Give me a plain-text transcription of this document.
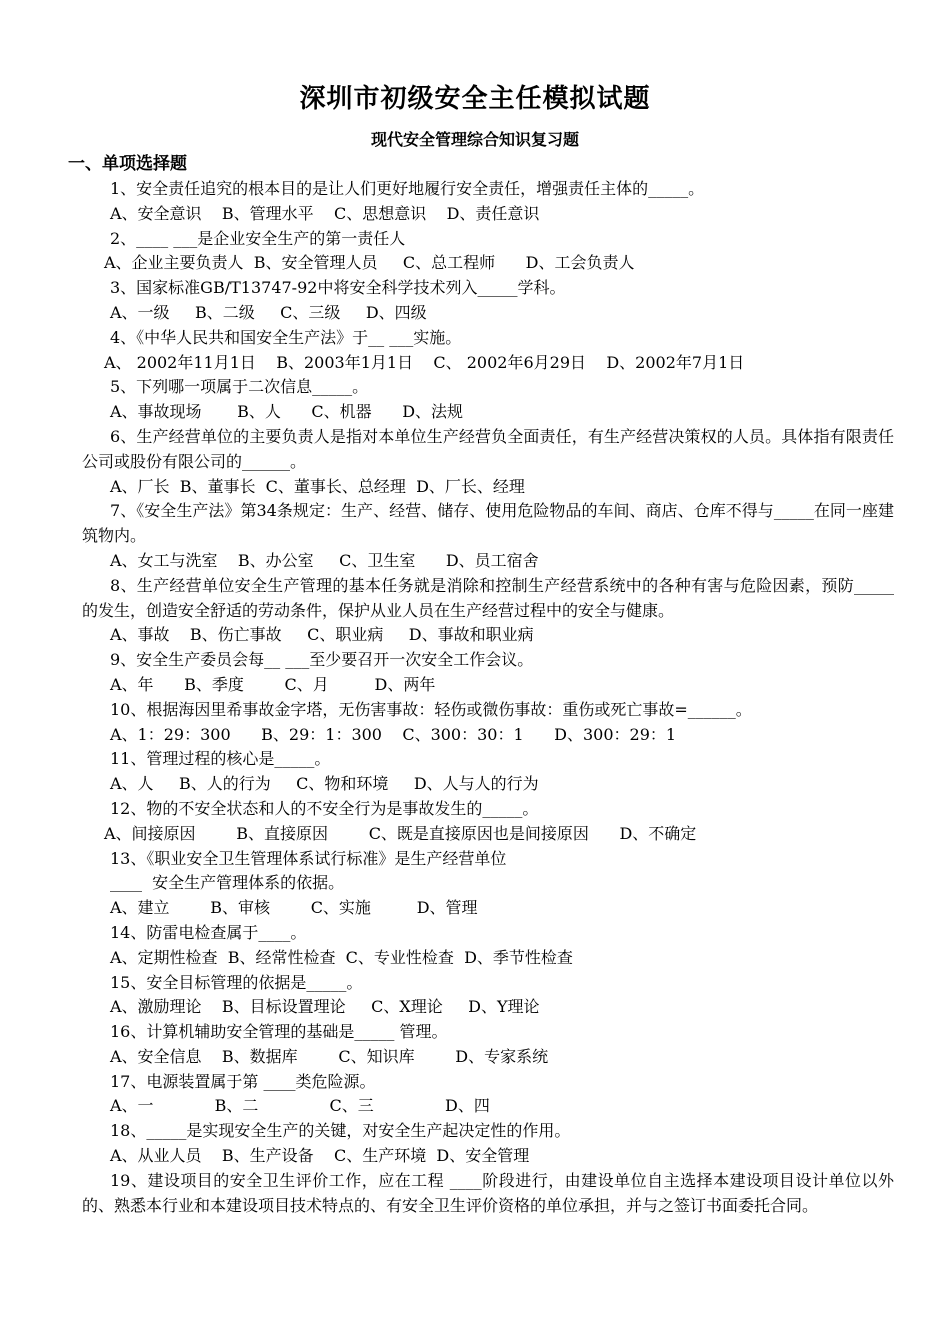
深圳市初级安全主任模拟试题
现代安全管理综合知识复习题
一、单项选择题

1、安全责任追究的根本目的是让人们更好地履行安全责任，增强责任主体的_____。

A、安全意识    B、管理水平    C、思想意识    D、责任意识

2、____ ___是企业安全生产的第一责任人

A、企业主要负责人  B、安全管理人员     C、总工程师      D、工会负责人

3、国家标准GB/T13747-92中将安全科学技术列入_____学科。

A、一级     B、二级     C、三级     D、四级

4、《中华人民共和国安全生产法》于__ ___实施。

A、 2002年11月1日    B、2003年1月1日    C、 2002年6月29日    D、2002年7月1日

5、下列哪一项属于二次信息_____。

A、事故现场       B、人      C、机器      D、法规

6、生产经营单位的主要负责人是指对本单位生产经营负全面责任，有生产经营决策权的人员。具体指有限责任公司或股份有限公司的______。

A、厂长  B、董事长  C、董事长、总经理  D、厂长、经理

7、《安全生产法》第34条规定：生产、经营、储存、使用危险物品的车间、商店、仓库不得与_____在同一座建筑物内。

A、女工与洗室    B、办公室     C、卫生室      D、员工宿舍

8、生产经营单位安全生产管理的基本任务就是消除和控制生产经营系统中的各种有害与危险因素，预防_____的发生，创造安全舒适的劳动条件，保护从业人员在生产经营过程中的安全与健康。

A、事故    B、伤亡事故     C、职业病     D、事故和职业病

9、安全生产委员会每__ ___至少要召开一次安全工作会议。

A、年      B、季度        C、月         D、两年

10、根据海因里希事故金字塔，无伤害事故：轻伤或微伤事故：重伤或死亡事故=______。

A、1：29：300      B、29：1：300    C、300：30：1      D、300：29：1

11、管理过程的核心是_____。

A、人     B、人的行为     C、物和环境     D、人与人的行为

12、物的不安全状态和人的不安全行为是事故发生的_____。

A、间接原因        B、直接原因        C、既是直接原因也是间接原因      D、不确定

13、《职业安全卫生管理体系试行标准》是生产经营单位

____  安全生产管理体系的依据。

A、建立        B、审核        C、实施         D、管理

14、防雷电检查属于____。

A、定期性检查  B、经常性检查  C、专业性检查  D、季节性检查

15、安全目标管理的依据是_____。

A、激励理论    B、目标设置理论     C、X理论     D、Y理论

16、计算机辅助安全管理的基础是_____ 管理。

A、安全信息    B、数据库        C、知识库        D、专家系统

17、电源装置属于第 ____类危险源。

A、一            B、二              C、三              D、四

18、_____是实现安全生产的关键，对安全生产起决定性的作用。

A、从业人员    B、生产设备    C、生产环境  D、安全管理

19、建设项目的安全卫生评价工作，应在工程 ____阶段进行，由建设单位自主选择本建设项目设计单位以外的、熟悉本行业和本建设项目技术特点的、有安全卫生评价资格的单位承担，并与之签订书面委托合同。
